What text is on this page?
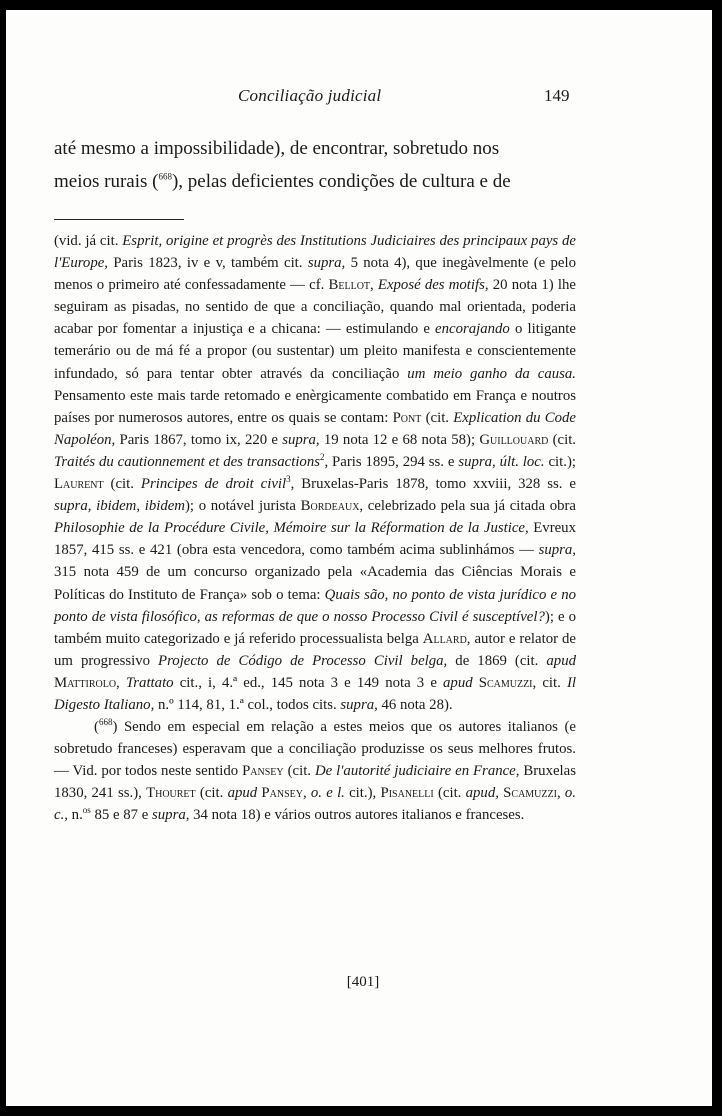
Conciliação judicial	149

até mesmo a impossibilidade), de encontrar, sobretudo nos

meios rurais ($^{668}$), pelas deficientes condições de cultura e de

(vid. já cit. Esprit, origine et progrès des Institutions Judiciaires des principaux pays de l'Europe, Paris 1823, iv e v, também cit. supra, 5 nota 4), que inegàvelmente (e pelo menos o primeiro até confessadamente — cf. Bellot, Exposé des motifs, 20 nota 1) lhe seguiram as pisadas, no sentido de que a conciliação, quando mal orientada, poderia acabar por fomentar a injustiça e a chicana: — estimulando e encorajando o litigante temerário ou de má fé a propor (ou sustentar) um pleito manifesta e conscientemente infundado, só para tentar obter através da conciliação um meio ganho da causa. Pensamento este mais tarde retomado e enèrgicamente combatido em França e noutros países por numerosos autores, entre os quais se contam: Pont (cit. Explication du Code Napoléon, Paris 1867, tomo ix, 220 e supra, 19 nota 12 e 68 nota 58); Guillouard (cit. Traités du cautionnement et des transactions$^2$, Paris 1895, 294 ss. e supra, últ. loc. cit.); Laurent (cit. Principes de droit civil$^3$, Bruxelas-Paris 1878, tomo xxviii, 328 ss. e supra, ibidem, ibidem); o notável jurista Bordeaux, celebrizado pela sua já citada obra Philosophie de la Procédure Civile, Mémoire sur la Réformation de la Justice, Evreux 1857, 415 ss. e 421 (obra esta vencedora, como também acima sublinhámos — supra, 315 nota 459 de um concurso organizado pela «Academia das Ciências Morais e Políticas do Instituto de França» sob o tema: Quais são, no ponto de vista jurídico e no ponto de vista filosófico, as reformas de que o nosso Processo Civil é susceptível?); e o também muito categorizado e já referido processualista belga Allard, autor e relator de um progressivo Projecto de Código de Processo Civil belga, de 1869 (cit. apud Mattirolo, Trattato cit., i, 4.ª ed., 145 nota 3 e 149 nota 3 e apud Scamuzzi, cit. Il Digesto Italiano, n.º 114, 81, 1.ª col., todos cits. supra, 46 nota 28).

($^{668}$) Sendo em especial em relação a estes meios que os autores italianos (e sobretudo franceses) esperavam que a conciliação produzisse os seus melhores frutos. — Vid. por todos neste sentido Pansey (cit. De l'autorité judiciaire en France, Bruxelas 1830, 241 ss.), Thouret (cit. apud Pansey, o. e l. cit.), Pisanelli (cit. apud, Scamuzzi, o. c., n.$^{os}$ 85 e 87 e supra, 34 nota 18) e vários outros autores italianos e franceses.

[401]
